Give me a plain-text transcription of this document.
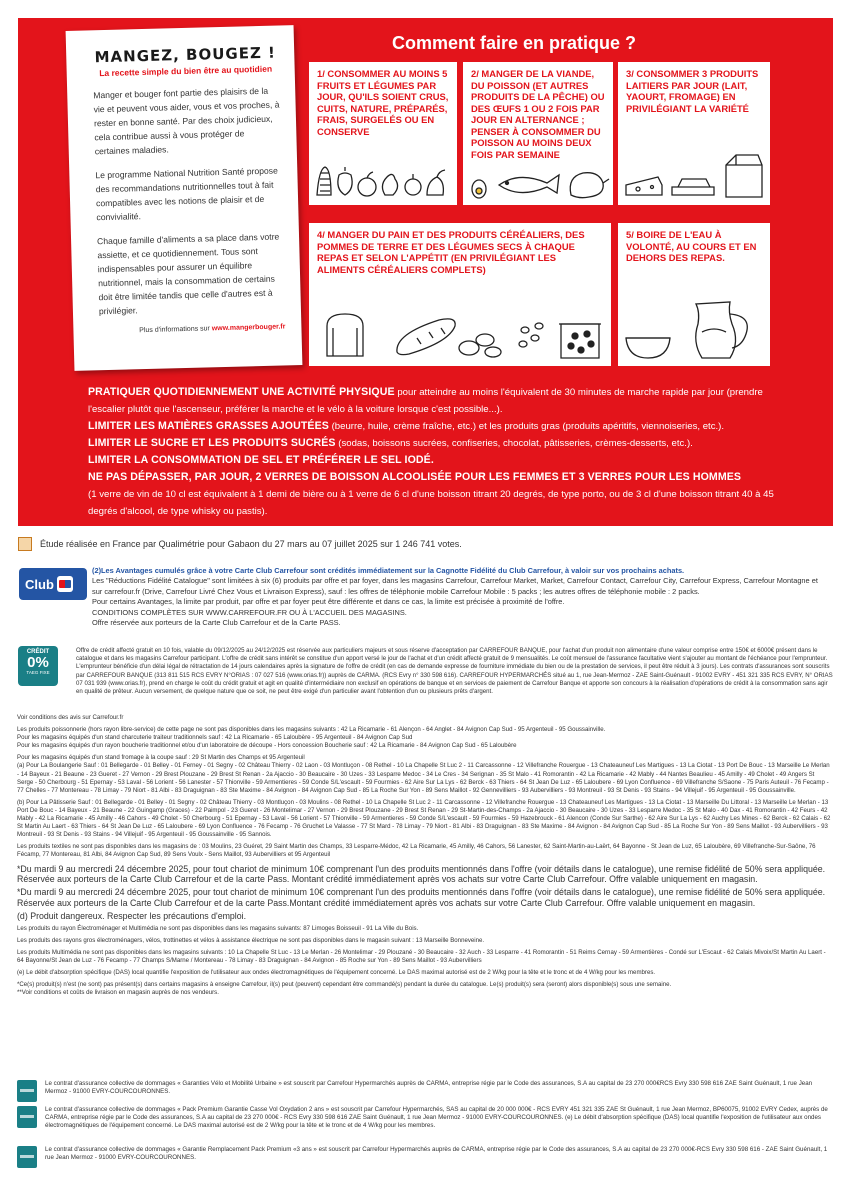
MANGEZ, BOUGEZ !
La recette simple du bien être au quotidien

Manger et bouger font partie des plaisirs de la vie et peuvent vous aider, vous et vos proches, à rester en bonne santé. Par des choix judicieux, cela contribue aussi à vous protéger de certaines maladies.

Le programme National Nutrition Santé propose des recommandations nutritionnelles tout à fait compatibles avec les notions de plaisir et de convivialité.

Chaque famille d'aliments a sa place dans votre assiette, et ce quotidiennement. Tous sont indispensables pour assurer un équilibre nutritionnel, mais la consommation de certains doit être limitée tandis que celle d'autres est à privilégier.

Plus d'informations sur www.mangerbouger.fr
Comment faire en pratique ?
1/ CONSOMMER AU MOINS 5 FRUITS ET LÉGUMES PAR JOUR, QU'ILS SOIENT CRUS, CUITS, NATURE, PRÉPARÉS, FRAIS, SURGELÉS OU EN CONSERVE
2/ MANGER DE LA VIANDE, DU POISSON (ET AUTRES PRODUITS DE LA PÊCHE) OU DES ŒUFS 1 OU 2 FOIS PAR JOUR EN ALTERNANCE ; PENSER À CONSOMMER DU POISSON AU MOINS DEUX FOIS PAR SEMAINE
3/ CONSOMMER 3 PRODUITS LAITIERS PAR JOUR (LAIT, YAOURT, FROMAGE) EN PRIVILÉGIANT LA VARIÉTÉ
4/ MANGER DU PAIN ET DES PRODUITS CÉRÉALIERS, DES POMMES DE TERRE ET DES LÉGUMES SECS À CHAQUE REPAS ET SELON L'APPÉTIT (EN PRIVILÉGIANT LES ALIMENTS CÉRÉALIERS COMPLETS)
5/ BOIRE DE L'EAU À VOLONTÉ, AU COURS ET EN DEHORS DES REPAS.
PRATIQUER QUOTIDIENNEMENT UNE ACTIVITÉ PHYSIQUE pour atteindre au moins l'équivalent de 30 minutes de marche rapide par jour (prendre l'escalier plutôt que l'ascenseur, préférer la marche et le vélo à la voiture lorsque c'est possible...).
LIMITER LES MATIÈRES GRASSES AJOUTÉES (beurre, huile, crème fraîche, etc.) et les produits gras (produits apéritifs, viennoiseries, etc.).
LIMITER LE SUCRE ET LES PRODUITS SUCRÉS (sodas, boissons sucrées, confiseries, chocolat, pâtisseries, crèmes-desserts, etc.).
LIMITER LA CONSOMMATION DE SEL ET PRÉFÉRER LE SEL IODÉ.
NE PAS DÉPASSER, PAR JOUR, 2 VERRES DE BOISSON ALCOOLISÉE POUR LES FEMMES ET 3 VERRES POUR LES HOMMES
(1 verre de vin de 10 cl est équivalent à 1 demi de bière ou à 1 verre de 6 cl d'une boisson titrant 20 degrés, de type porto, ou de 3 cl d'une boisson titrant 40 à 45 degrés d'alcool, de type whisky ou pastis).
Étude réalisée en France par Qualimétrie pour Gabaon du 27 mars au 07 juillet 2025 sur 1 246 741 votes.
Club
(2)Les Avantages cumulés grâce à votre Carte Club Carrefour sont crédités immédiatement sur la Cagnotte Fidélité du Club Carrefour, à valoir sur vos prochains achats.
Les "Réductions Fidélité Catalogue" sont limitées à six (6) produits par offre et par foyer, dans les magasins Carrefour, Carrefour Market, Market, Carrefour Contact, Carrefour City, Carrefour Express, Carrefour Montagne et sur carrefour.fr (Drive, Carrefour Livré Chez Vous et Livraison Express), sauf : les offres de téléphonie mobile Carrefour Mobile : 5 packs ; les autres offres de téléphonie mobile : 2 packs.
Pour certains Avantages, la limite par produit, par offre et par foyer peut être différente et dans ce cas, la limite est précisée à proximité de l'offre.
CONDITIONS COMPLÈTES SUR WWW.CARREFOUR.FR OU À L'ACCUEIL DES MAGASINS.
Offre réservée aux porteurs de la Carte Club Carrefour et de la Carte PASS.
CRÉDIT
0%
TAEG FIXE
Offre de crédit affecté gratuit en 10 fois, valable du 09/12/2025 au 24/12/2025 est réservée aux particuliers majeurs et sous réserve d'acceptation par CARREFOUR BANQUE, pour l'achat d'un produit non alimentaire d'une valeur comprise entre 150€ et 6000€ présent dans le catalogue et dans les magasins Carrefour participant. L'offre de crédit sans intérêt se constitue d'un apport versé le jour de l'achat et d'un crédit affecté gratuit de 9 mensualités. Le coût mensuel de l'assurance facultative vient s'ajouter au montant de l'échéance pour l'emprunteur. L'emprunteur bénéficie d'un délai légal de rétractation de 14 jours calendaires après la signature de l'offre de crédit (en cas de demande expresse de fourniture immédiate du bien ou de la prestation de services, il peut être réduit à 3 jours). Les contrats d'assurances sont souscrits par CARREFOUR BANQUE (313 811 515 RCS EVRY N°ORIAS : 07 027 516 (www.orias.fr)) auprès de CARMA. (RCS Evry n° 330 598 616). CARREFOUR HYPERMARCHÉS situé au 1, rue Jean-Mermoz - ZAE Saint-Guénault - 91002 EVRY - 451 321 335 RCS EVRY, N° ORIAS 07 031 939 (www.orias.fr), prend en charge le coût du crédit gratuit et agit en qualité d'intermédiaire non exclusif en opérations de banque et en services de paiement de Carrefour Banque et apporte son concours à la réalisation d'opérations de crédit à la consommation sans agir en qualité de prêteur. Aucun versement, de quelque nature que ce soit, ne peut être exigé d'un particulier avant l'obtention d'un ou plusieurs prêts d'argent.

Voir conditions des avis sur Carrefour.fr

Les produits poissonnerie (hors rayon libre-service) de cette page ne sont pas disponibles dans les magasins suivants : 42 La Ricamarie - 61 Alençon - 64 Anglet - 84 Avignon Cap Sud - 95 Argenteuil - 95 Goussainville.

Pour les magasins équipés d'un stand charcuterie traiteur traditionnels sauf : 42 La Ricamarie - 65 Laloubère - 95 Argenteuil - 84 Avignon Cap Sud

Pour les magasins équipés d'un rayon boucherie traditionnel et/ou d'un laboratoire de découpe - Hors concession Boucherie sauf : 42 La Ricamarie - 84 Avignon Cap Sud - 65 Laloubère

Pour les magasins équipés d'un stand fromage à la coupe sauf : 29 St Martin des Champs et 95 Argenteuil

(a) Pour La Boulangerie Sauf : 01 Bellegarde - 01 Belley - 01 Ferney - 01 Segny - 02 Château Thierry - 02 Laon - 03 Montluçon - 08 Rethel - 10 La Chapelle St Luc 2 - 11 Carcassonne - 12 Villefranche Rouergue - 13 Chateauneuf Les Martigues - 13 La Ciotat - 13 Port De Bouc - 13 Marseille Le Merlan - 14 Bayeux - 21 Beaune - 23 Gueret - 27 Vernon - 29 Brest Plouzane - 29 Brest St Renan - 2a Ajaccio - 30 Beaucaire - 30 Uzes - 33 Lesparre Medoc - 34 Le Cres - 34 Serignan - 35 St Malo - 41 Romorantin - 42 La Ricamarie - 42 Mably - 44 Nantes Beaulieu - 45 Amilly - 49 Cholet - 49 Angers St Serge - 50 Cherbourg - 51 Epernay - 53 Laval - 56 Lorient - 56 Lanester - 57 Thionville - 59 Armentieres - 59 Conde S/L'escault - 59 Fourmies - 62 Aire Sur La Lys - 62 Berck - 63 Thiers - 64 St Jean De Luz - 65 Laloubere - 69 Lyon Confluence - 69 Villefranche S/Saone - 75 Paris Auteuil - 76 Fecamp - 77 Chelles - 77 Montereau - 78 Limay - 79 Niort - 81 Albi - 83 Draguignan - 83 Ste Maxime - 84 Avignon - 84 Avignon Cap Sud - 85 La Roche Sur Yon - 89 Sens Maillot - 92 Gennevilliers - 93 Aubervilliers - 93 Montreuil - 93 St Denis - 93 Stains - 94 Villejuif - 95 Argenteuil - 95 Goussainville.

(b) Pour La Pâtisserie Sauf : 01 Bellegarde - 01 Belley - 01 Segny - 02 Château Thierry - 03 Montluçon - 03 Moulins - 08 Rethel - 10 La Chapelle St Luc 2 - 11 Carcassonne - 12 Villefranche Rouergue - 13 Chateauneuf Les Martigues - 13 La Ciotat - 13 Marseille Du Littoral - 13 Marseille Le Merlan - 13 Port De Bouc - 14 Bayeux - 21 Beaune - 22 Guingamp (Graces) - 22 Paimpol - 23 Gueret - 26 Montelimar - 27 Vernon - 29 Brest Plouzane - 29 Brest St Renan - 29 St-Martin-des-Champs - 2a Ajaccio - 30 Beaucaire - 30 Uzes - 33 Lesparre Medoc - 35 St Malo - 40 Dax - 41 Romorantin - 42 Feurs - 42 Mably - 42 La Ricamarie - 45 Amilly - 46 Cahors - 49 Cholet - 50 Cherbourg - 51 Epernay - 53 Laval - 56 Lorient - 57 Thionville - 59 Armentieres - 59 Conde S/L'escault - 59 Fourmies - 59 Hazebrouck - 61 Alencon (Conde Sur Sarthe) - 62 Aire Sur La Lys - 62 Auchy Les Mines - 62 Berck - 62 Calais - 62 St Martin Au Laert - 63 Thiers - 64 St Jean De Luz - 65 Laloubere - 69 Lyon Confluence - 76 Fecamp - 76 Gruchet Le Valasse - 77 St Mard - 78 Limay - 79 Niort - 81 Albi - 83 Draguignan - 83 Ste Maxime - 84 Avignon - 84 Avignon Cap Sud - 85 La Roche Sur Yon - 89 Sens Maillot - 93 Aubervilliers - 93 Montreuil - 93 St Denis - 93 Stains - 94 Villejuif - 95 Argenteuil - 95 Goussainville - 95 Sannois.

Les produits textiles ne sont pas disponibles dans les magasins de : 03 Moulins, 23 Guéret, 29 Saint Martin des Champs, 33 Lesparre-Médoc, 42 La Ricamarie, 45 Amilly, 46 Cahors, 56 Lanester, 62 Saint-Martin-au-Laërt, 64 Bayonne - St Jean de Luz, 65 Laloubère, 69 Villefranche-Sur-Saône, 76 Fécamp, 77 Montereau, 81 Albi, 84 Avignon Cap Sud, 89 Sens Voulx - Sens Maillot, 93 Aubervilliers et 95 Argenteuil

*Du mardi 9 au mercredi 24 décembre 2025, pour tout chariot de minimum 10€ comprenant l'un des produits mentionnés dans l'offre (voir détails dans le catalogue), une remise fidélité de 50% sera appliquée. Réservée aux porteurs de la Carte Club Carrefour et de la carte Pass. Montant crédité immédiatement après vos achats sur votre Carte Club Carrefour. Offre valable uniquement en magasin.

*Du mardi 9 au mercredi 24 décembre 2025, pour tout chariot de minimum 10€ comprenant l'un des produits mentionnés dans l'offre (voir détails dans le catalogue), une remise fidélité de 50% sera appliquée. Réservée aux porteurs de la Carte Club Carrefour et de la carte Pass.Montant crédité immédiatement après vos achats sur votre Carte Club Carrefour. Offre valable uniquement en magasin.

(d) Produit dangereux. Respecter les précautions d'emploi.

Les produits du rayon Électroménager et Multimédia ne sont pas disponibles dans les magasins suivants: 87 Limoges Boisseuil - 91 La Ville du Bois.

Les produits des rayons gros électroménagers, vélos, trottinettes et vélos à assistance électrique ne sont pas disponibles dans le magasin suivant : 13 Marseille Bonneveine.

Les produits Multimédia ne sont pas disponibles dans les magasins suivants : 10 La Chapelle St Luc - 13 Le Merlan - 26 Montelimar - 29 Plouzané - 30 Beaucaire - 32 Auch - 33 Lesparre - 41 Romorantin - 51 Reims Cernay - 59 Armentières - Condé sur L'Escaut - 62 Calais Mivoix/St Martin Au Laert - 64 Bayonne/St Jean de Luz - 76 Fecamp - 77 Champs S/Marne / Montereau - 78 Limay - 83 Draguignan - 84 Avignon - 85 Roche sur Yon - 89 Sens Maillot - 93 Aubervilliers

(e) Le débit d'absorption spécifique (DAS) local quantifie l'exposition de l'utilisateur aux ondes électromagnétiques de l'équipement concerné. Le DAS maximal autorisé est de 2 W/kg pour la tête et le tronc et de 4 W/kg pour les membres.

*Ce(s) produit(s) n'est (ne sont) pas présent(s) dans certains magasins à enseigne Carrefour, il(s) peut (peuvent) cependant être commandé(s) pendant la durée du catalogue. Le(s) produit(s) sera (seront) alors disponible(s) sous une semaine.

**Voir conditions et coûts de livraison en magasin auprès de nos vendeurs.

Le contrat d'assurance collective de dommages « Garanties Vélo et Mobilité Urbaine » est souscrit par Carrefour Hypermarchés auprès de CARMA, entreprise régie par le Code des assurances, S.A au capital de 23 270 000€RCS Evry 330 598 616 ZAE Saint Guénault, 1 rue Jean Mermoz - 91000 EVRY-COURCOURONNES.
Le contrat d'assurance collective de dommages « Pack Premium Garantie Casse Vol Oxydation 2 ans » est souscrit par Carrefour Hypermarchés, SAS au capital de 20 000 000€ - RCS EVRY 451 321 335 ZAE St Guénault, 1 rue Jean Mermoz, BP60075, 91002 EVRY Cedex, auprès de CARMA, entreprise régie par le Code des assurances, S.A au capital de 23 270 000€ - RCS Evry 330 598 616 ZAE Saint Guénault, 1 rue Jean Mermoz - 91000 EVRY-COURCOURONNES. (e) Le débit d'absorption spécifique (DAS) local quantifie l'exposition de l'utilisateur aux ondes électromagnétiques de l'équipement concerné. Le DAS maximal autorisé est de 2 W/kg pour la tête et le tronc et de 4 W/kg pour les membres.
Le contrat d'assurance collective de dommages « Garantie Remplacement Pack Premium «3 ans » est souscrit par Carrefour Hypermarchés auprès de CARMA, entreprise régie par le Code des assurances, S.A au capital de 23 270 000€-RCS Evry 330 598 616 - ZAE Saint Guénault, 1 rue Jean Mermoz - 91000 EVRY-COURCOURONNES.
